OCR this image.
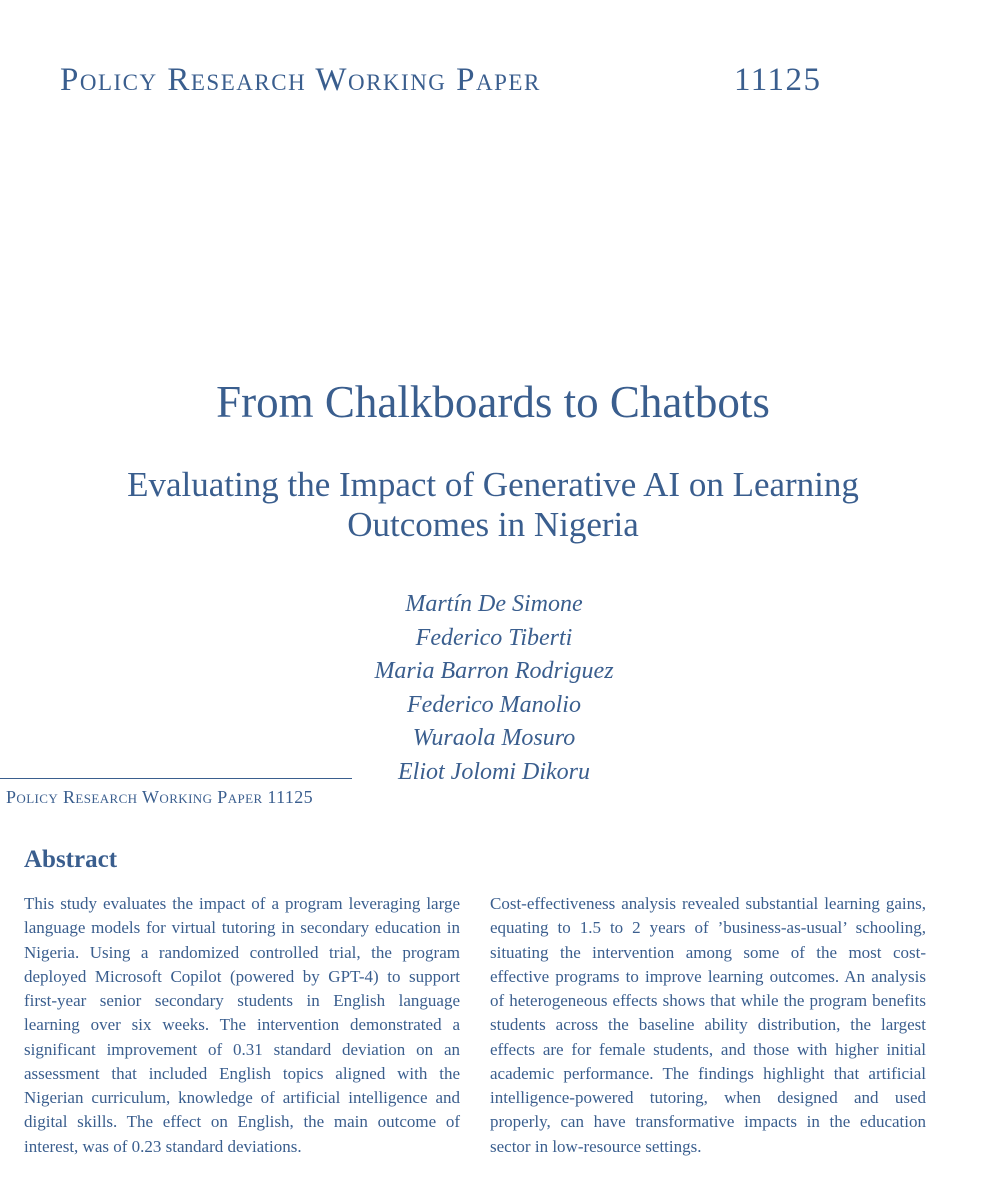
Policy Research Working Paper	11125
From Chalkboards to Chatbots
Evaluating the Impact of Generative AI on Learning Outcomes in Nigeria
Martín De Simone
Federico Tiberti
Maria Barron Rodriguez
Federico Manolio
Wuraola Mosuro
Eliot Jolomi Dikoru
Policy Research Working Paper 11125
Abstract
This study evaluates the impact of a program leveraging large language models for virtual tutoring in secondary education in Nigeria. Using a randomized controlled trial, the program deployed Microsoft Copilot (powered by GPT-4) to support first-year senior secondary students in English language learning over six weeks. The intervention demonstrated a significant improvement of 0.31 standard deviation on an assessment that included English topics aligned with the Nigerian curriculum, knowledge of artificial intelligence and digital skills. The effect on English, the main outcome of interest, was of 0.23 standard deviations.
Cost-effectiveness analysis revealed substantial learning gains, equating to 1.5 to 2 years of ’business-as-usual’ schooling, situating the intervention among some of the most cost-effective programs to improve learning outcomes. An analysis of heterogeneous effects shows that while the program benefits students across the baseline ability distribution, the largest effects are for female students, and those with higher initial academic performance. The findings highlight that artificial intelligence-powered tutoring, when designed and used properly, can have transformative impacts in the education sector in low-resource settings.
